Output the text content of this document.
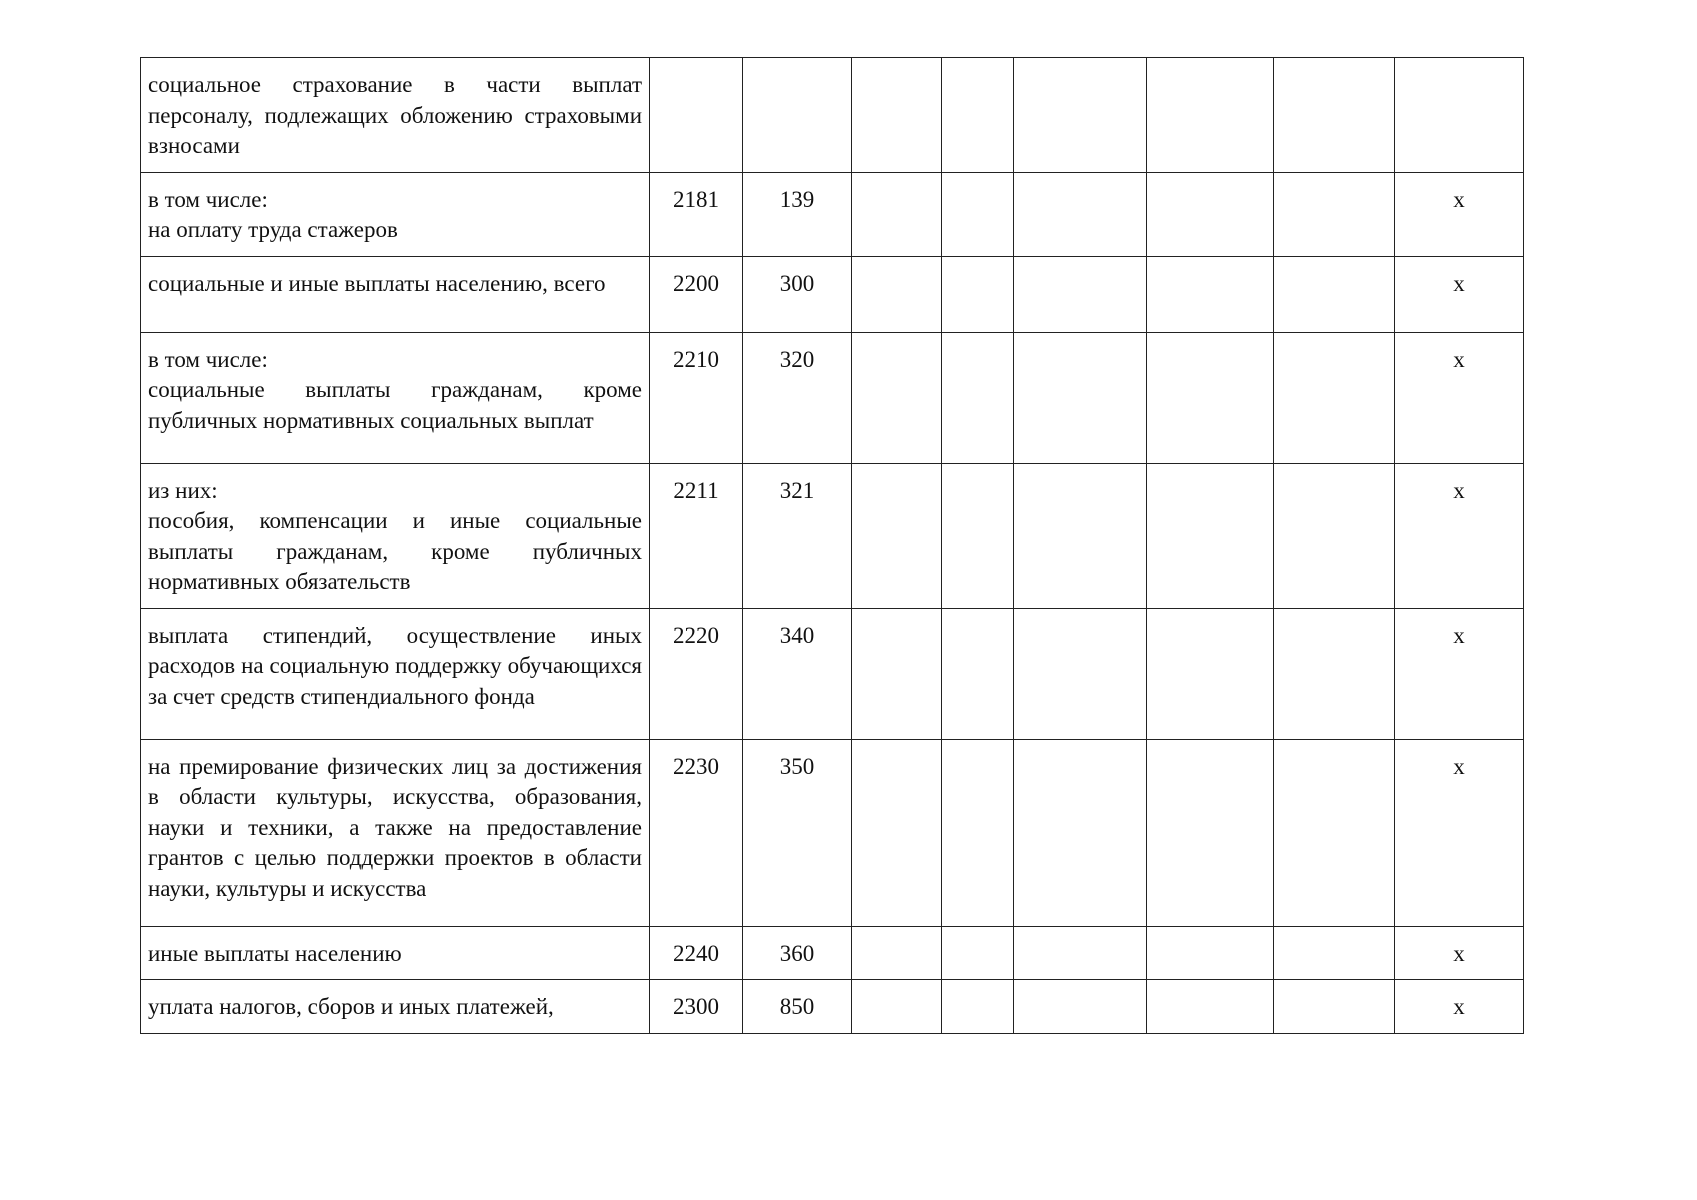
социальное страхование в части выплат персоналу, подлежащих обложению страховыми взносами								

в том числе:
на оплату труда стажеров	2181	139						x

социальные и иные выплаты населению, всего	2200	300						x

в том числе:
социальные выплаты гражданам, кроме публичных нормативных социальных выплат	2210	320						x

из них:
пособия, компенсации и иные социальные выплаты гражданам, кроме публичных нормативных обязательств	2211	321						x

выплата стипендий, осуществление иных расходов на социальную поддержку обучающихся за счет средств стипендиального фонда	2220	340						x

на премирование физических лиц за достижения в области культуры, искусства, образования, науки и техники, а также на предоставление грантов с целью поддержки проектов в области науки, культуры и искусства	2230	350						x

иные выплаты населению	2240	360						x

уплата налогов, сборов и иных платежей,	2300	850						x
